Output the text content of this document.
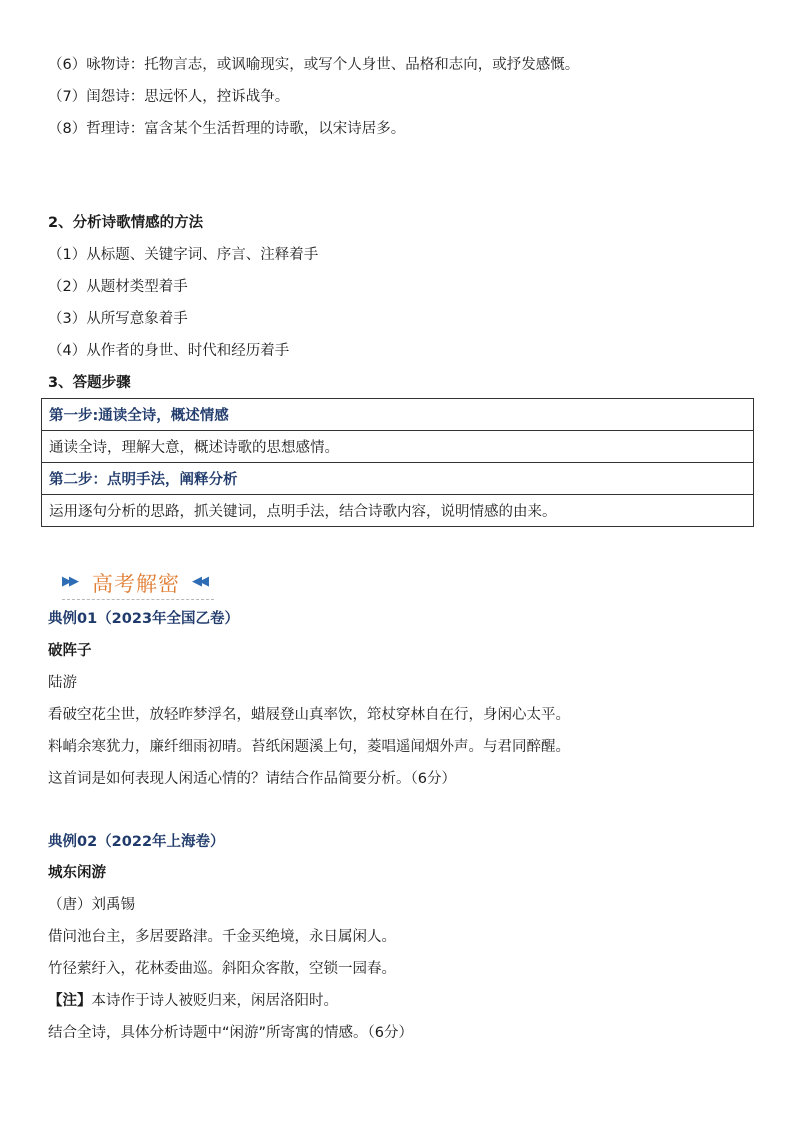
（6）咏物诗：托物言志，或讽喻现实，或写个人身世、品格和志向，或抒发感慨。
（7）闺怨诗：思远怀人，控诉战争。
（8）哲理诗：富含某个生活哲理的诗歌，以宋诗居多。
2、分析诗歌情感的方法
（1）从标题、关键字词、序言、注释着手
（2）从题材类型着手
（3）从所写意象着手
（4）从作者的身世、时代和经历着手
3、答题步骤
第一步:通读全诗，概述情感
通读全诗，理解大意，概述诗歌的思想感情。
第二步：点明手法，阐释分析
运用逐句分析的思路，抓关键词，点明手法，结合诗歌内容，说明情感的由来。
▶▶ 高考解密 ◀◀
典例01（2023年全国乙卷）
破阵子
陆游
看破空花尘世，放轻昨梦浮名，蜡屐登山真率饮，筇杖穿林自在行，身闲心太平。
料峭余寒犹力，廉纤细雨初晴。苔纸闲题溪上句，菱唱遥闻烟外声。与君同醉醒。
这首词是如何表现人闲适心情的？请结合作品简要分析。（6分）
典例02（2022年上海卷）
城东闲游
（唐）刘禹锡
借问池台主，多居要路津。千金买绝境，永日属闲人。
竹径萦纡入，花林委曲巡。斜阳众客散，空锁一园春。
【注】本诗作于诗人被贬归来，闲居洛阳时。
结合全诗，具体分析诗题中“闲游”所寄寓的情感。（6分）
